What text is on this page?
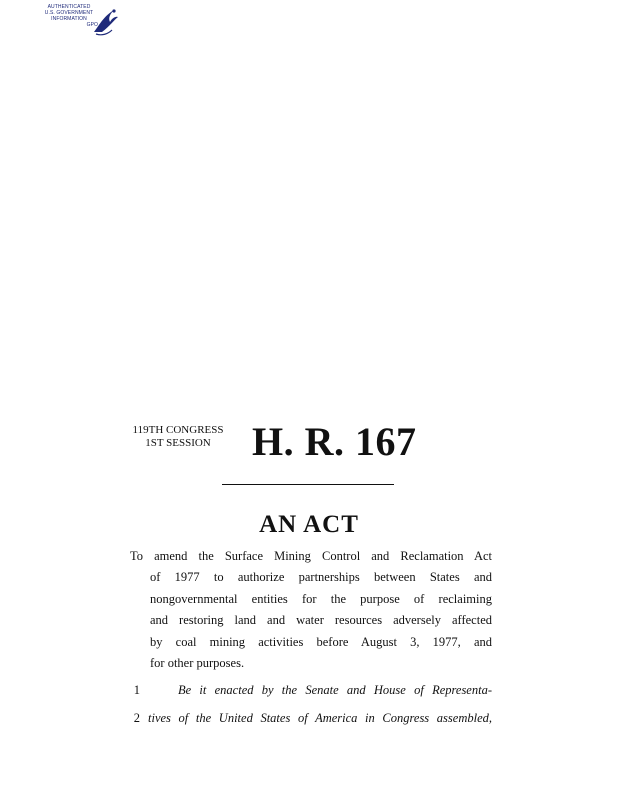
AUTHENTICATED
U.S. GOVERNMENT
INFORMATION
GPO
119TH CONGRESS
1ST SESSION	H. R. 167
AN ACT
To amend the Surface Mining Control and Reclamation Act
of 1977 to authorize partnerships between States and
nongovernmental entities for the purpose of reclaiming
and restoring land and water resources adversely affected
by coal mining activities before August 3, 1977, and
for other purposes.
1	Be it enacted by the Senate and House of Representa-
2 tives of the United States of America in Congress assembled,
